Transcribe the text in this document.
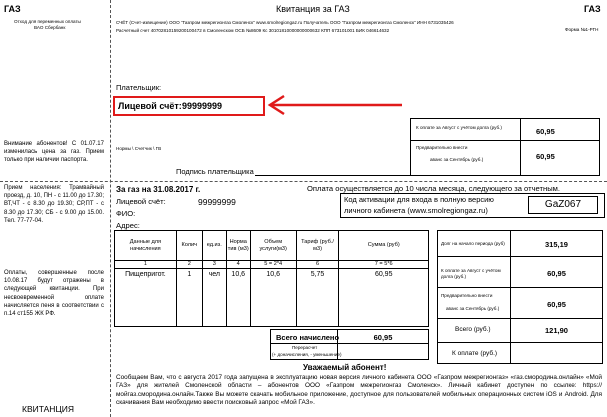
ГАЗ	Квитанция за ГАЗ	ГАЗ
Отход для переменных оплаты
ВАО Сбербанк	Форма №1-РГН
СЧЁТ (Счет-извещение) ООО "Газпром межрегионгаз Смоленск" www.smolregiongaz.ru Получатель ООО "Газпром межрегионгаз Смоленск" ИНН 6731035426
Расчетный счет 40702810159200100472 в Смоленском ОСБ №8609 Кс 30101810000000000632 КПП 673101001 БИК 046614632
Плательщик:
Лицевой счёт: 99999999
Нормы \ Счетчик \ ГВ
Подпись плательщика
К оплате за Август с учётом долга (руб.)	60,95
Предварительно внести
аванс за Сентябрь (руб.)	60,95
Внимание абонентов! С 01.07.17 изменилась цена за газ. Прием только при наличии паспорта.
Прием населения: Трамвайный проезд, д. 10, ПН - с 11.00 до 17.30; ВТ,ЧТ - с 8.30 до 19.30; СР,ПТ - с 8.30 до 17.30; СБ - с 9.00 до 15.00. Тел. 77-77-04.
Оплаты, совершенные после 10.08.17 будут отражены в следующей квитанции. При несвоевременной оплате начисляется пеня в соответствии с п.14 ст155 ЖК РФ.
КВИТАНЦИЯ
За газ на 31.08.2017 г.	Оплата осуществляется до 10 числа месяца, следующего за отчетным.
Лицевой счёт:	99999999
ФИО:
Адрес:
Код активации для входа в полную версию
личного кабинета (www.smolregiongaz.ru)
GaZ067
Данные для начисления	Колич	ед.из.	Норма тив (м3)	Объем услуги(м3)	Тариф (руб./м3)	Сумма (руб)
1	2	3	4	5 = 2*4	6	7 = 5*6
Пищепригот.	1	чел	10,6	10,6	5,75	60,95
Всего начислено	60,95
Перерасчет
(+ доначисления, - уменьшение)
Долг на начало периода (руб)	315,19
К оплате за Август с учётом долга (руб.)	60,95
Предварительно внести
аванс за Сентябрь (руб.)	60,95
Всего (руб.)	121,90
К оплате (руб.)
Уважаемый абонент!
Сообщаем Вам, что с августа 2017 года запущена в эксплуатацию новая версия личного кабинета ООО «Газпром межрегионгаз» «газ.смородина.онлайн» «Мой ГАЗ» для жителей Смоленской области – абонентов ООО «Газпром межрегионгаз Смоленск». Личный кабинет доступен по ссылке: https://мойгаз.смородина.онлайн.Также Вы можете скачать мобильное приложение, доступное для пользователей мобильных операционных систем iOS и Android. Для скачивания Вам необходимо ввести поисковый запрос «Мой ГАЗ».
